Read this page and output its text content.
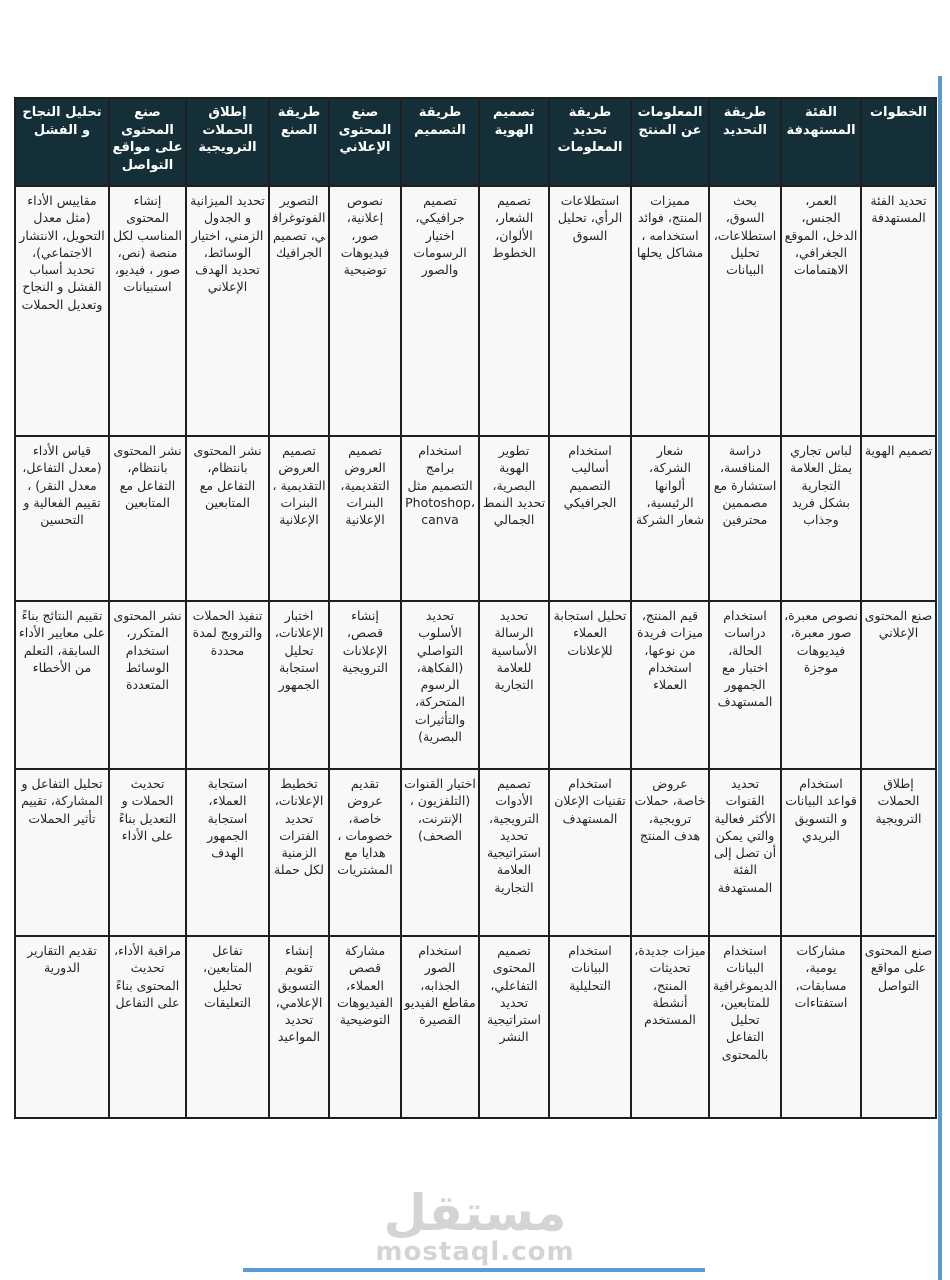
الخطوات	الفئة المستهدفة	طريقة التحديد	المعلومات عن المنتج	طريقة تحديد المعلومات	تصميم الهوية	طريقة التصميم	صنع المحتوى الإعلاني	طريقة الصنع	إطلاق الحملات الترويجية	صنع المحتوى على مواقع التواصل	تحليل النجاح و الفشل
تحديد الفئة المستهدفة	العمر، الجنس، الدخل، الموقع الجغرافي، الاهتمامات	بحث السوق، استطلاعات، تحليل البيانات	مميزات المنتج، فوائد استخدامه ، مشاكل يحلها	استطلاعات الرأي، تحليل السوق	تصميم الشعار، الألوان، الخطوط	تصميم جرافيكي، اختيار الرسومات والصور	نصوص إعلانية، صور، فيديوهات توضيحية	التصوير الفوتوغرافي، تصميم الجرافيك	تحديد الميزانية و الجدول الزمني، اختيار الوسائط، تحديد الهدف الإعلاني	إنشاء المحتوى المناسب لكل منصة (نص، صور ، فيديو، استبيانات	مقاييس الأداء (مثل معدل التحويل، الانتشار الاجتماعي)، تحديد أسباب الفشل و النجاح وتعديل الحملات
تصميم الهوية	لباس تجاري يمثل العلامة التجارية بشكل فريد وجذاب	دراسة المنافسة، استشارة مع مصممين محترفين	شعار الشركة، ألوانها الرئيسية، شعار الشركة	استخدام أساليب التصميم الجرافيكي	تطوير الهوية البصرية، تحديد النمط الجمالي	استخدام برامج التصميم مثل Photoshop، canva	تصميم العروض التقديمية، البنرات الإعلانية	تصميم العروض التقديمية ، البنرات الإعلانية	نشر المحتوى بانتظام، التفاعل مع المتابعين	نشر المحتوى بانتظام، التفاعل مع المتابعين	قياس الأداء (معدل التفاعل، معدل النقر) ، تقييم الفعالية و التحسين
صنع المحتوى الإعلاني	نصوص معبرة، صور معبرة، فيديوهات موجزة	استخدام دراسات الحالة، اختبار مع الجمهور المستهدف	قيم المنتج، ميزات فريدة من نوعها، استخدام العملاء	تحليل استجابة العملاء للإعلانات	تحديد الرسالة الأساسية للعلامة التجارية	تحديد الأسلوب التواصلي (الفكاهة، الرسوم المتحركة، والتأثيرات البصرية)	إنشاء قصص، الإعلانات الترويجية	اختبار الإعلانات، تحليل استجابة الجمهور	تنفيذ الحملات والترويج لمدة محددة	نشر المحتوى المتكرر، استخدام الوسائط المتعددة	تقييم النتائج بناءً على معايير الأداء السابقة، التعلم من الأخطاء
إطلاق الحملات الترويجية	استخدام قواعد البيانات و التسويق البريدي	تحديد القنوات الأكثر فعالية والتي يمكن أن تصل إلى الفئة المستهدفة	عروض خاصة، حملات ترويجية، هدف المنتج	استخدام تقنيات الإعلان المستهدف	تصميم الأدوات الترويجية، تحديد استراتيجية العلامة التجارية	اختيار القنوات (التلفزيون ، الإنترنت، الصحف)	تقديم عروض خاصة، خصومات ، هدايا مع المشتريات	تخطيط الإعلانات، تحديد الفترات الزمنية لكل حملة	استجابة العملاء، استجابة الجمهور الهدف	تحديث الحملات و التعديل بناءً على الأداء	تحليل التفاعل و المشاركة، تقييم تأثير الحملات
صنع المحتوى على مواقع التواصل	مشاركات يومية، مسابقات، استفتاءات	استخدام البيانات الديموغرافية للمتابعين، تحليل التفاعل بالمحتوى	ميزات جديدة، تحديثات المنتج، أنشطة المستخدم	استخدام البيانات التحليلية	تصميم المحتوى التفاعلي، تحديد استراتيجية النشر	استخدام الصور الجذابه، مقاطع الفيديو القصيرة	مشاركة قصص العملاء، الفيديوهات التوضيحية	إنشاء تقويم التسويق الإعلامي، تحديد المواعيد	تفاعل المتابعين، تحليل التعليقات	مراقبة الأداء، تحديث المحتوى بناءً على التفاعل	تقديم التقارير الدورية
مستقل
mostaql.com
